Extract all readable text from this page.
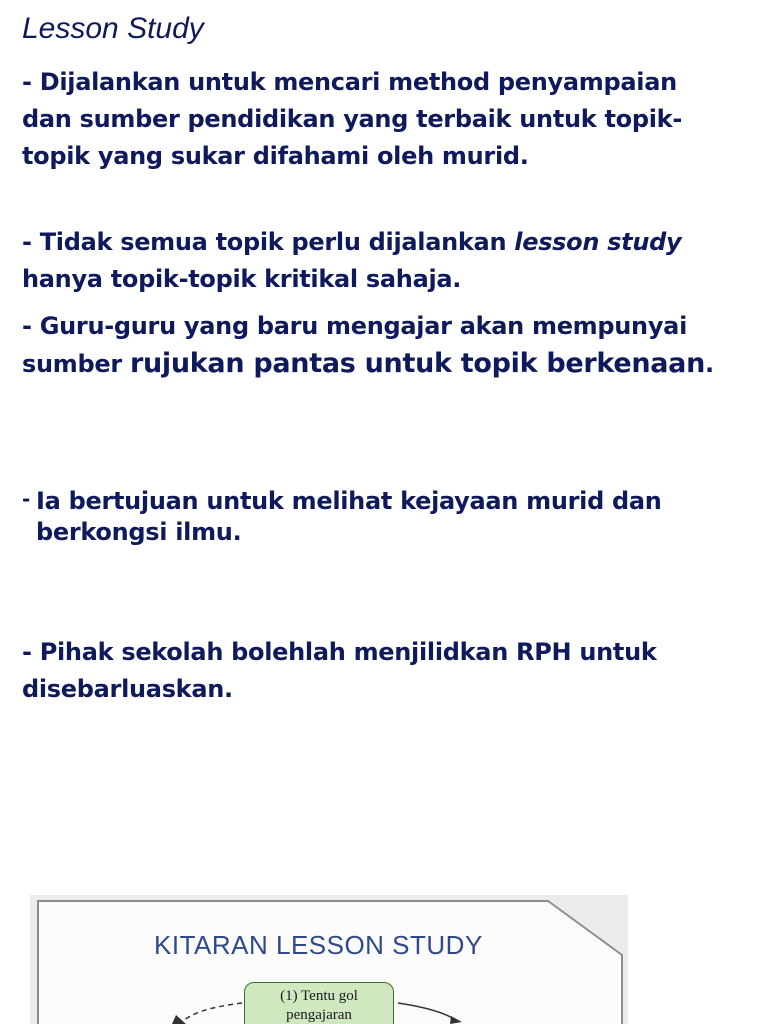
Lesson Study
- Dijalankan untuk mencari method penyampaian dan sumber pendidikan yang terbaik untuk topik-topik yang sukar difahami oleh murid.
- Tidak semua topik perlu dijalankan lesson study hanya topik-topik kritikal sahaja.
- Guru-guru yang baru mengajar akan mempunyai sumber rujukan pantas untuk topik berkenaan.
- Ia bertujuan untuk melihat kejayaan murid dan berkongsi ilmu.
- Pihak sekolah bolehlah menjilidkan RPH untuk disebarluaskan.
KITARAN LESSON STUDY
(1) Tentu gol
pengajaran
